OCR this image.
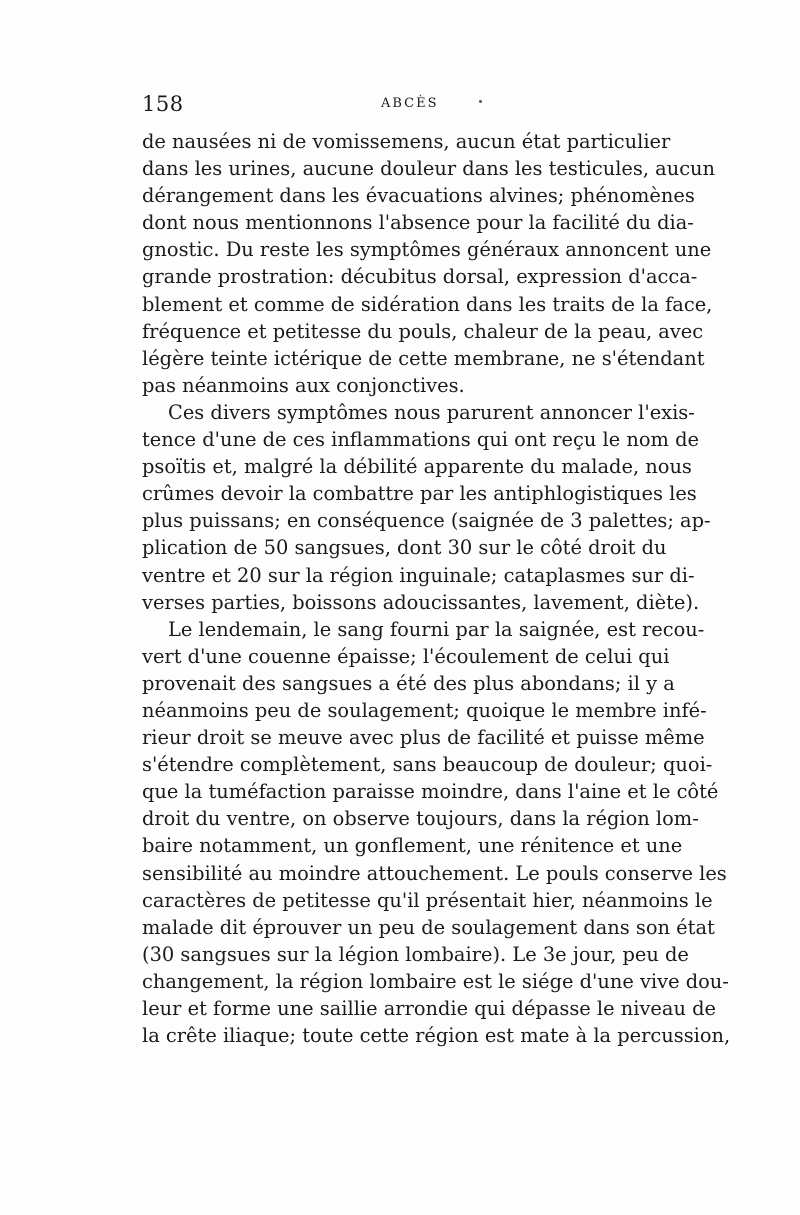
158	ABCÈS
de nausées ni de vomissemens, aucun état particulier
dans les urines, aucune douleur dans les testicules, aucun
dérangement dans les évacuations alvines; phénomènes
dont nous mentionnons l'absence pour la facilité du dia-
gnostic. Du reste les symptômes généraux annoncent une
grande prostration: décubitus dorsal, expression d'acca-
blement et comme de sidération dans les traits de la face,
fréquence et petitesse du pouls, chaleur de la peau, avec
légère teinte ictérique de cette membrane, ne s'étendant
pas néanmoins aux conjonctives.
Ces divers symptômes nous parurent annoncer l'exis-
tence d'une de ces inflammations qui ont reçu le nom de
psoïtis et, malgré la débilité apparente du malade, nous
crûmes devoir la combattre par les antiphlogistiques les
plus puissans; en conséquence (saignée de 3 palettes; ap-
plication de 50 sangsues, dont 30 sur le côté droit du
ventre et 20 sur la région inguinale; cataplasmes sur di-
verses parties, boissons adoucissantes, lavement, diète).
Le lendemain, le sang fourni par la saignée, est recou-
vert d'une couenne épaisse; l'écoulement de celui qui
provenait des sangsues a été des plus abondans; il y a
néanmoins peu de soulagement; quoique le membre infé-
rieur droit se meuve avec plus de facilité et puisse même
s'étendre complètement, sans beaucoup de douleur; quoi-
que la tuméfaction paraisse moindre, dans l'aine et le côté
droit du ventre, on observe toujours, dans la région lom-
baire notamment, un gonflement, une rénitence et une
sensibilité au moindre attouchement. Le pouls conserve les
caractères de petitesse qu'il présentait hier, néanmoins le
malade dit éprouver un peu de soulagement dans son état
(30 sangsues sur la légion lombaire). Le 3e jour, peu de
changement, la région lombaire est le siége d'une vive dou-
leur et forme une saillie arrondie qui dépasse le niveau de
la crête iliaque; toute cette région est mate à la percussion,
